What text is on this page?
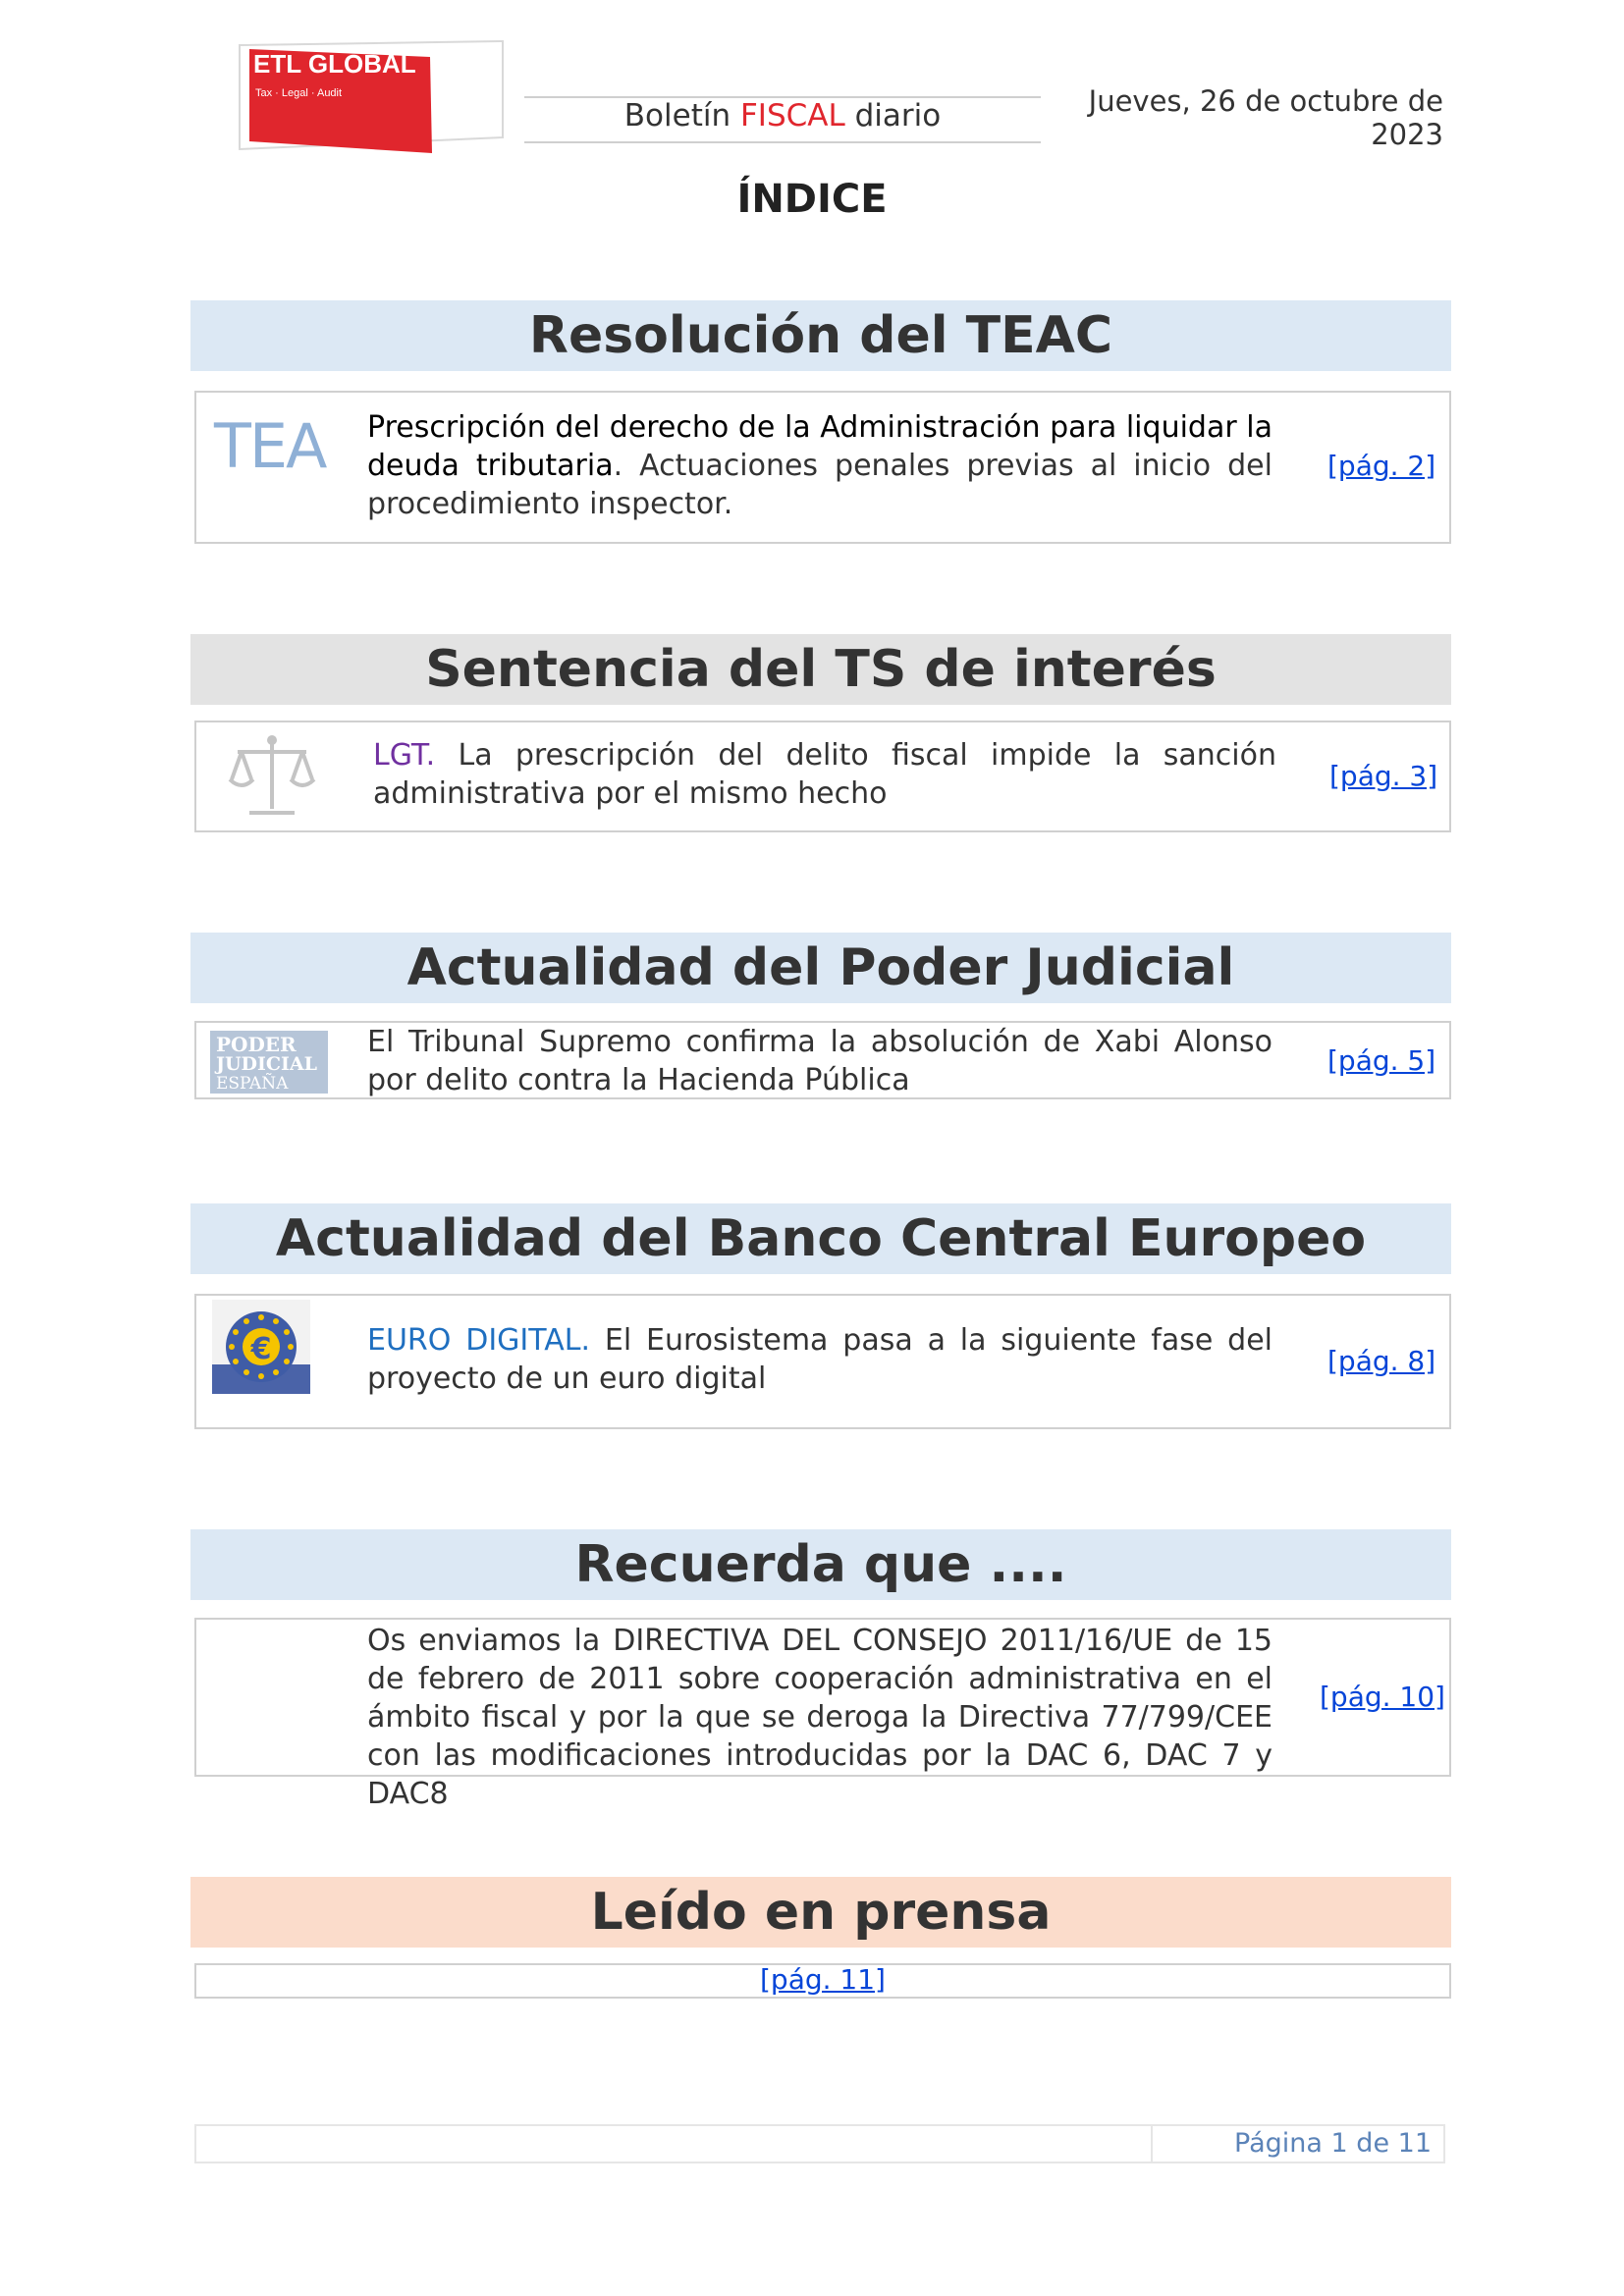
ETL GLOBAL
Tax · Legal · Audit
Boletín FISCAL diario	Jueves, 26 de octubre de 2023
ÍNDICE
Resolución del TEAC
TEA Prescripción del derecho de la Administración para liquidar la deuda tributaria. Actuaciones penales previas al inicio del procedimiento inspector.
[pág. 2]
Sentencia del TS de interés
LGT. La prescripción del delito fiscal impide la sanción administrativa por el mismo hecho
[pág. 3]
Actualidad del Poder Judicial
PODER
JUDICIAL
ESPAÑA
El Tribunal Supremo confirma la absolución de Xabi Alonso por delito contra la Hacienda Pública
[pág. 5]
Actualidad del Banco Central Europeo
€	EURO DIGITAL. El Eurosistema pasa a la siguiente fase del proyecto de un euro digital
[pág. 8]
Recuerda que ....
Os enviamos la DIRECTIVA DEL CONSEJO 2011/16/UE de 15 de febrero de 2011 sobre cooperación administrativa en el ámbito fiscal y por la que se deroga la Directiva 77/799/CEE con las modificaciones introducidas por la DAC 6, DAC 7 y DAC8
[pág. 10]
Leído en prensa
[pág. 11]
Página 1 de 11
